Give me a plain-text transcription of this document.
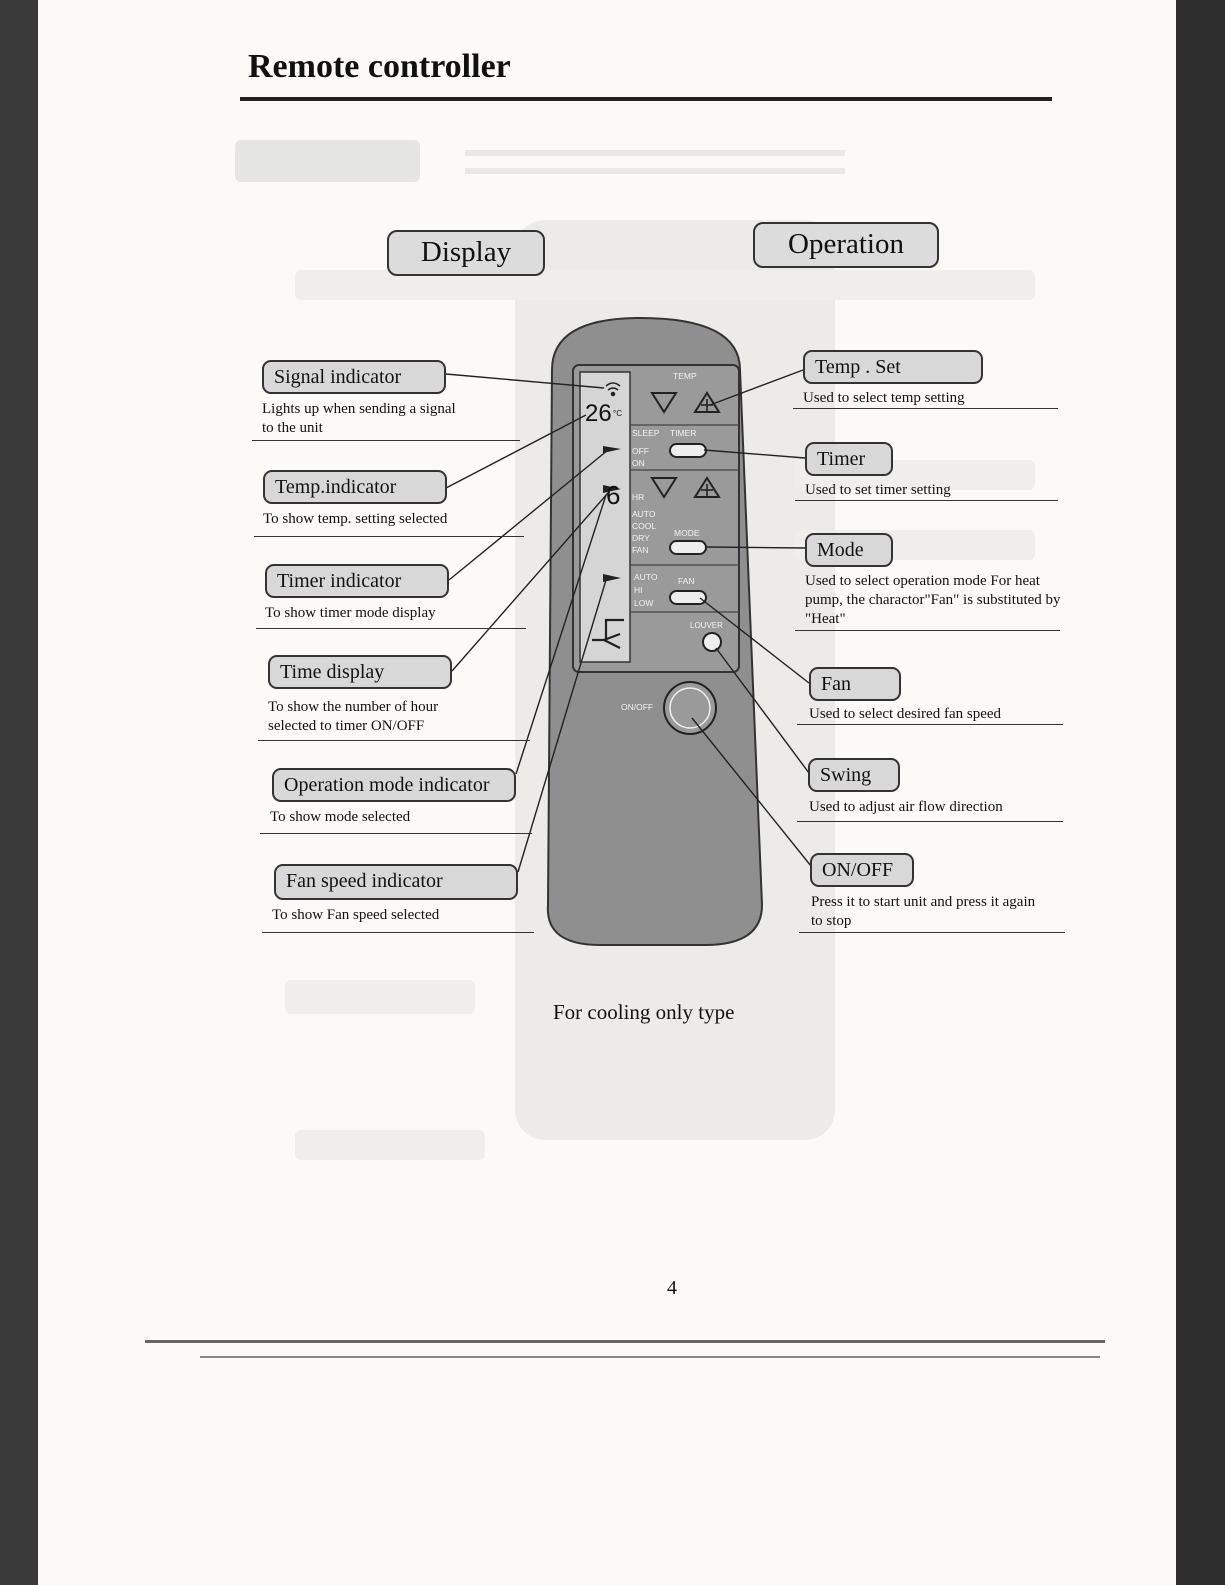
Remote controller
Display	Operation
26 °C
6
TEMP
SLEEP TIMER
OFF
ON
HR
AUTO
COOL
DRY
FAN
MODE
AUTO
HI
LOW
FAN
LOUVER
ON/OFF
Signal indicator
Lights up when sending a signal to the unit
Temp.indicator
To show temp. setting selected
Timer indicator
To show timer mode display
Time display
To show the number of hour selected to timer ON/OFF
Operation mode indicator
To show mode selected
Fan speed indicator
To show Fan speed selected
Temp . Set
Used to select temp setting
Timer
Used to set timer setting
Mode
Used to select operation mode For heat pump, the charactor"Fan" is substituted by "Heat"
Fan
Used to select desired fan speed
Swing
Used to adjust air flow direction
ON/OFF
Press it to start unit and press it again to stop
For cooling only type
4
